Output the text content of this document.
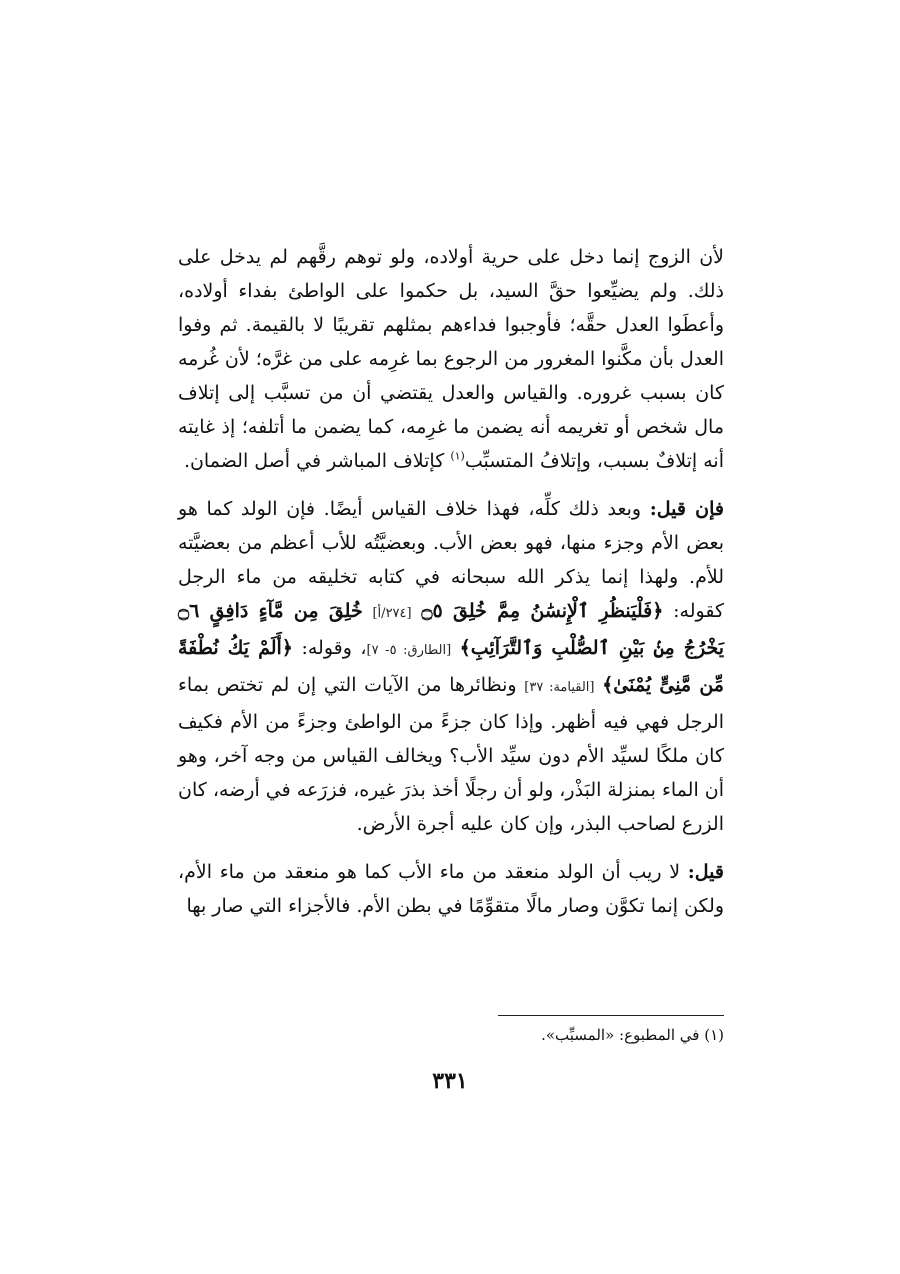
لأن الزوج إنما دخل على حرية أولاده، ولو توهم رقَّهم لم يدخل على ذلك. ولم يضيِّعوا حقَّ السيد، بل حكموا على الواطئ بفداء أولاده، وأعطَوا العدل حقَّه؛ فأوجبوا فداءهم بمثلهم تقريبًا لا بالقيمة. ثم وفوا العدل بأن مكَّنوا المغرور من الرجوع بما غرِمه على من غرَّه؛ لأن غُرمه كان بسبب غروره. والقياس والعدل يقتضي أن من تسبَّب إلى إتلاف مال شخص أو تغريمه أنه يضمن ما غرِمه، كما يضمن ما أتلفه؛ إذ غايته أنه إتلافٌ بسبب، وإتلافُ المتسبِّب$^{(١)}$ كإتلاف المباشر في أصل الضمان.

فإن قيل: وبعد ذلك كلِّه، فهذا خلاف القياس أيضًا. فإن الولد كما هو بعض الأم وجزء منها، فهو بعض الأب. وبعضيَّتُه للأب أعظم من بعضيَّته للأم. ولهذا إنما يذكر الله سبحانه في كتابه تخليقه من ماء الرجل كقوله: ﴿فَلْيَنظُرِ ٱلْإِنسَٰنُ مِمَّ خُلِقَ ۝٥ [٢٧٤/أ] خُلِقَ مِن مَّآءٍ دَافِقٍ ۝٦ يَخْرُجُ مِنۢ بَيْنِ ٱلصُّلْبِ وَٱلتَّرَآئِبِ﴾ [الطارق: ٥- ٧]، وقوله: ﴿أَلَمْ يَكُ نُطْفَةً مِّن مَّنِىٍّ يُمْنَىٰ﴾ [القيامة: ٣٧] ونظائرها من الآيات التي إن لم تختص بماء الرجل فهي فيه أظهر. وإذا كان جزءً من الواطئ وجزءً من الأم فكيف كان ملكًا لسيِّد الأم دون سيِّد الأب؟ ويخالف القياس من وجه آخر، وهو أن الماء بمنزلة البَذْر، ولو أن رجلًا أخذ بذرَ غيره، فزرَعه في أرضه، كان الزرع لصاحب البذر، وإن كان عليه أجرة الأرض.

قيل: لا ريب أن الولد منعقد من ماء الأب كما هو منعقد من ماء الأم، ولكن إنما تكوَّن وصار مالًا متقوِّمًا في بطن الأم. فالأجزاء التي صار بها

(١) في المطبوع: «المسبِّب».
٣٣١
